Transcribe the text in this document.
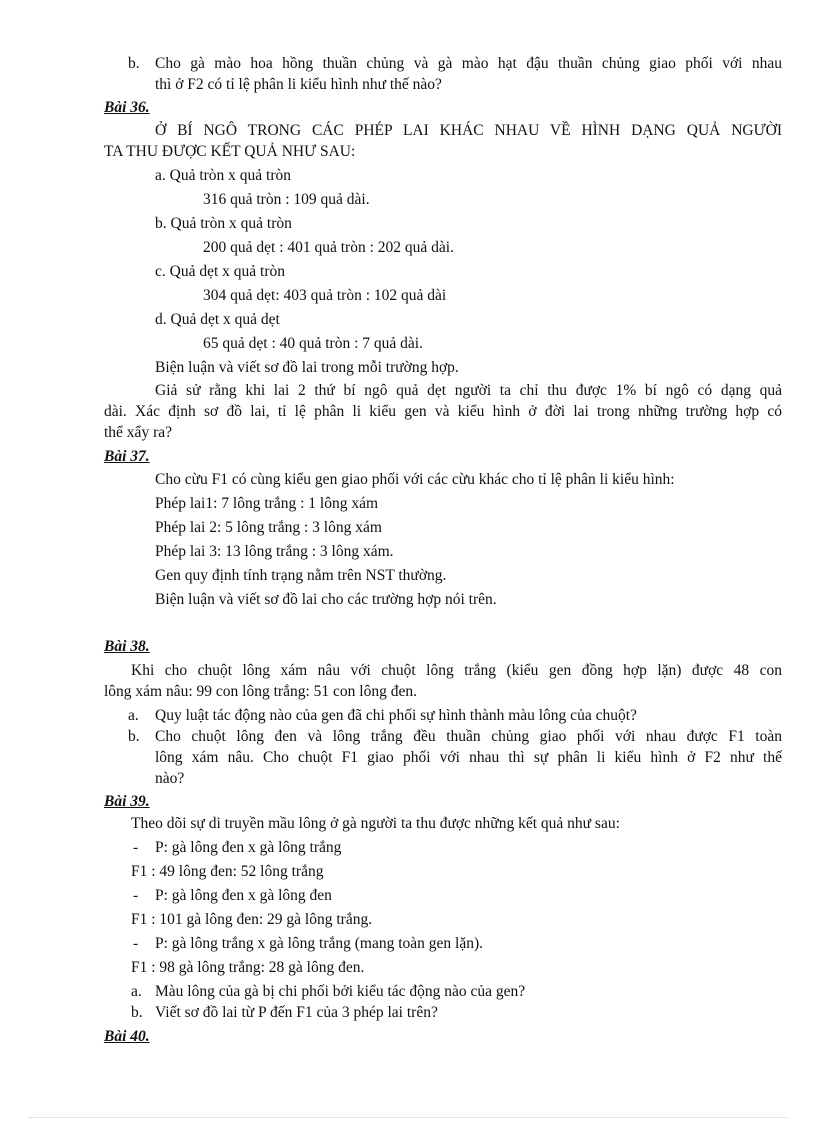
b. Cho gà mào hoa hồng thuần chủng và gà mào hạt đậu thuần chủng giao phối với nhau
thì ở F2 có tỉ lệ phân li kiểu hình như thế nào?
Bài 36.
Ở BÍ NGÔ TRONG CÁC PHÉP LAI KHÁC NHAU VỀ HÌNH DẠNG QUẢ NGƯỜI
TA THU ĐƯỢC KẾT QUẢ NHƯ SAU:
a. Quả tròn x quả tròn
316 quả tròn : 109 quả dài.
b. Quả tròn x quả tròn
200 quả dẹt : 401 quả tròn : 202 quả dài.
c. Quả dẹt x quả tròn
304 quả dẹt: 403 quả tròn : 102 quả dài
d. Quả dẹt x quả dẹt
65 quả dẹt : 40 quả tròn : 7 quả dài.
Biện luận và viết sơ đồ lai trong mỗi trường hợp.
Giả sử rằng khi lai 2 thứ bí ngô quả dẹt người ta chỉ thu được 1% bí ngô có dạng quả
dài. Xác định sơ đồ lai, tỉ lệ phân li kiểu gen và kiểu hình ở đời lai trong những trường hợp có
thể xẩy ra?
Bài 37.
Cho cừu F1 có cùng kiểu gen giao phối với các cừu khác cho tỉ lệ phân li kiểu hình:
Phép lai1: 7 lông trắng : 1 lông xám
Phép lai 2: 5 lông trắng : 3 lông xám
Phép lai 3: 13 lông trắng : 3 lông xám.
Gen quy định tính trạng nằm trên NST thường.
Biện luận và viết sơ đồ lai cho các trường hợp nói trên.
Bài 38.
Khi cho chuột lông xám nâu với chuột lông trắng (kiểu gen đồng hợp lặn) được 48 con
lông xám nâu: 99 con lông trắng: 51 con lông đen.
a. Quy luật tác động nào của gen đã chi phối sự hình thành màu lông của chuột?
b. Cho chuột lông đen và lông trắng đều thuần chủng giao phối với nhau được F1 toàn
lông xám nâu. Cho chuột F1 giao phối với nhau thì sự phân li kiểu hình ở F2 như thế
nào?
Bài 39.
Theo dõi sự di truyền mầu lông ở gà người ta thu được những kết quả như sau:
- P: gà lông đen x gà lông trắng
F1 : 49 lông đen: 52 lông trắng
- P: gà lông đen x gà lông đen
F1 : 101 gà lông đen: 29 gà lông trắng.
- P: gà lông trắng x gà lông trắng (mang toàn gen lặn).
F1 : 98 gà lông trắng: 28 gà lông đen.
a. Màu lông của gà bị chi phối bởi kiểu tác động nào của gen?
b. Viết sơ đồ lai từ P đến F1 của 3 phép lai trên?
Bài 40.
